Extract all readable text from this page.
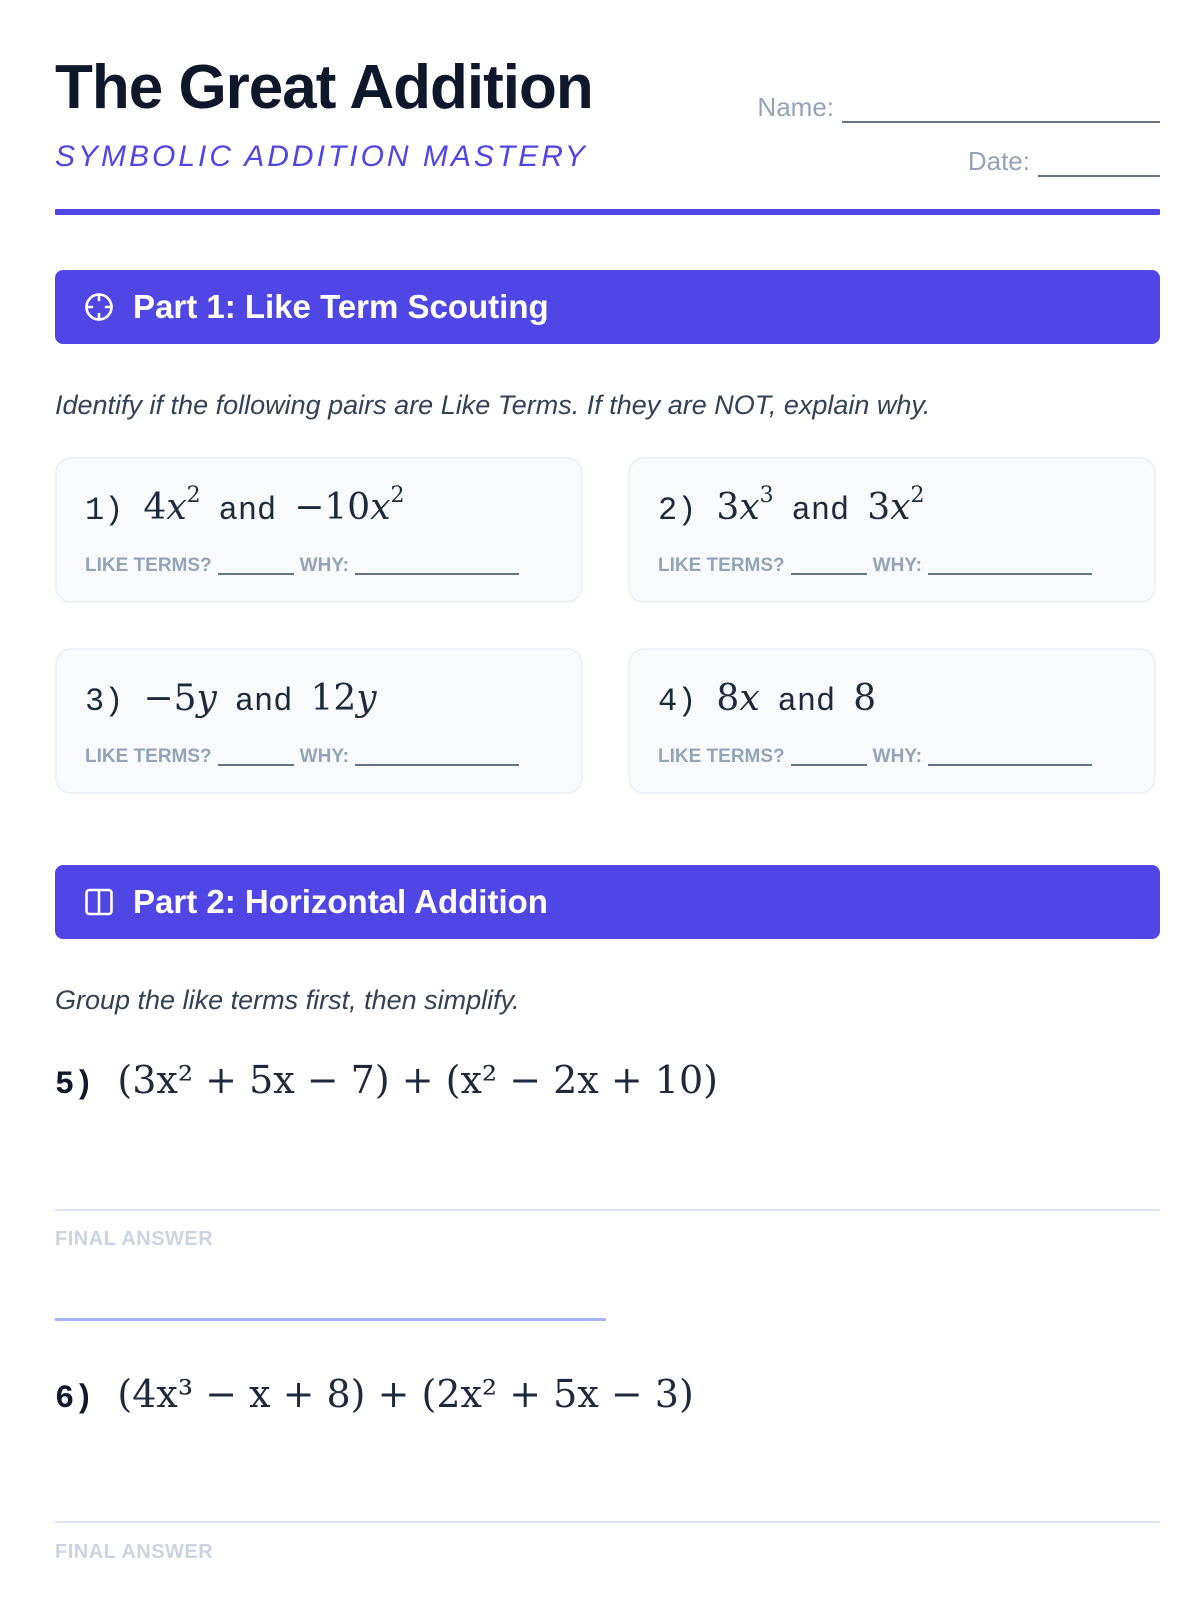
The Great Addition
SYMBOLIC ADDITION MASTERY
Name:
Date:
Part 1: Like Term Scouting
Identify if the following pairs are Like Terms. If they are NOT, explain why.
1) $4x^2$ and $-10x^2$
LIKE TERMS?	WHY:
2) $3x^3$ and $3x^2$
LIKE TERMS?	WHY:
3) −5y and 12y
LIKE TERMS?	WHY:
4) 8x and 8
LIKE TERMS?	WHY:
Part 2: Horizontal Addition
Group the like terms first, then simplify.
5) (3x² + 5x − 7) + (x² − 2x + 10)
FINAL ANSWER
6) (4x³ − x + 8) + (2x² + 5x − 3)
FINAL ANSWER
